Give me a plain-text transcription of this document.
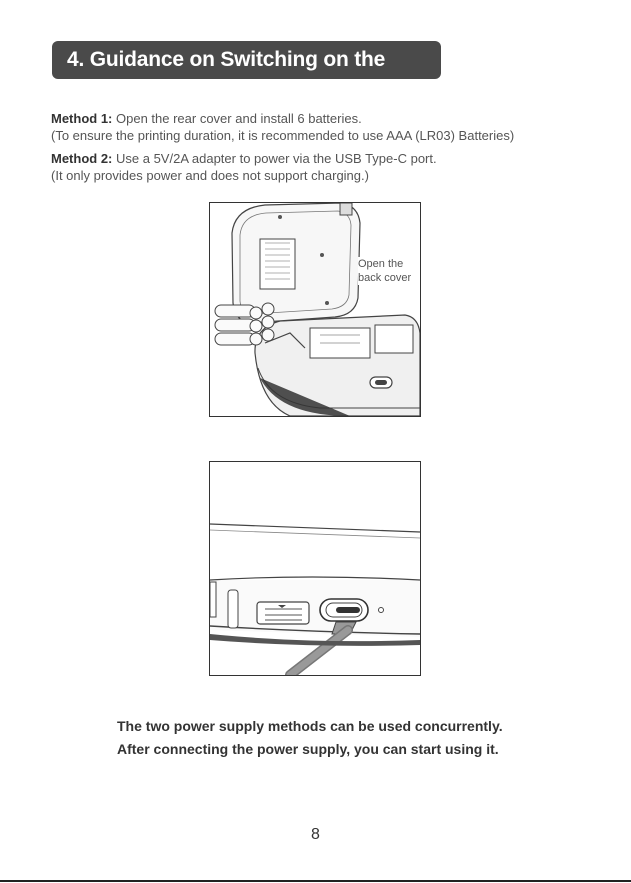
4. Guidance on Switching on the Power
Method 1: Open the rear cover and install 6 batteries.
(To ensure the printing duration, it is recommended to use AAA (LR03) Batteries)
Method 2: Use a 5V/2A adapter to power via the USB Type-C port.
(It only provides power and does not support charging.)
Open the
back cover
The two power supply methods can be used concurrently.
After connecting the power supply, you can start using it.
8
